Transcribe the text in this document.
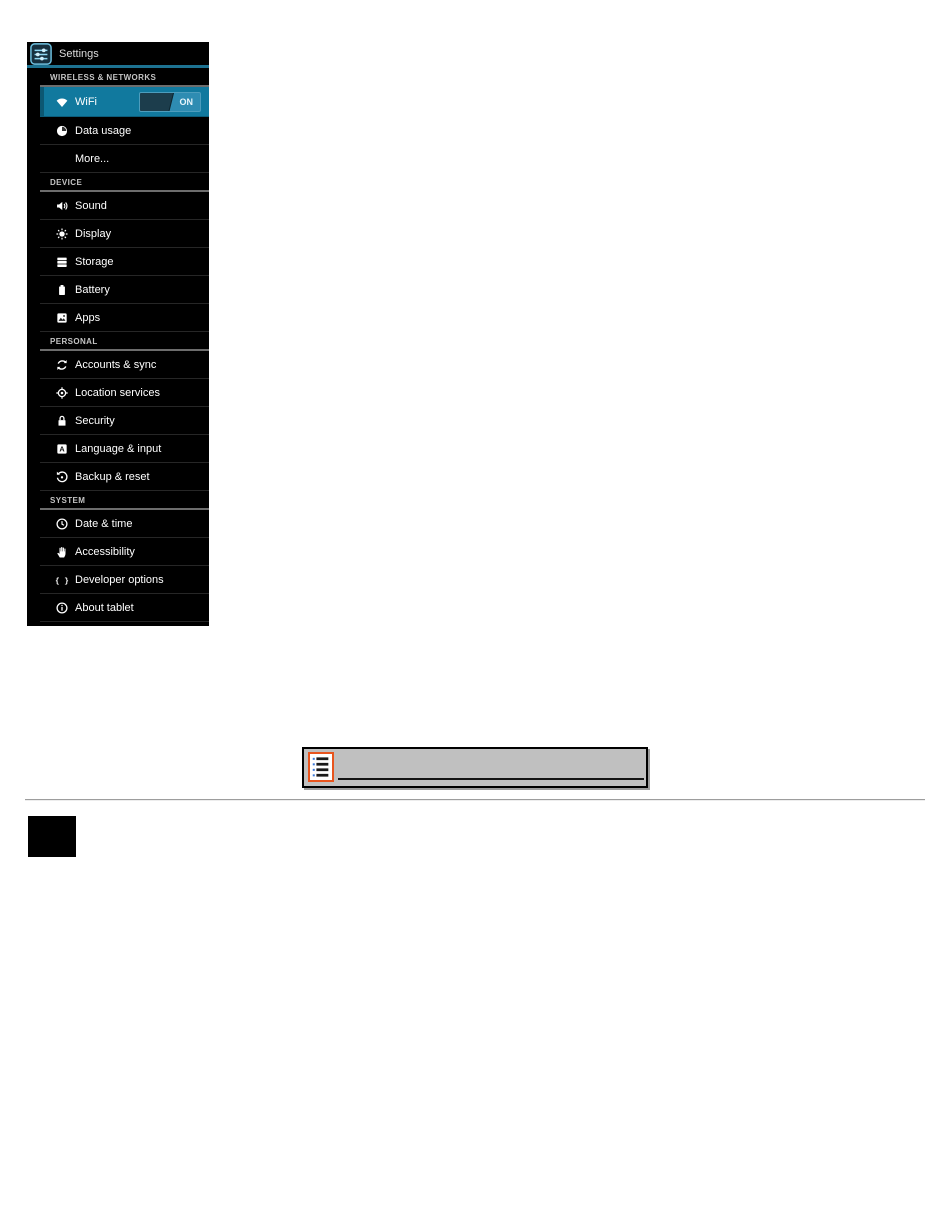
Settings
WIRELESS & NETWORKS
WiFi	ON
Data usage
More...
DEVICE
Sound
Display
Storage
Battery
Apps
PERSONAL
Accounts & sync
Location services
Security
A Language & input
Backup & reset
SYSTEM
Date & time
Accessibility
{ } Developer options
About tablet
